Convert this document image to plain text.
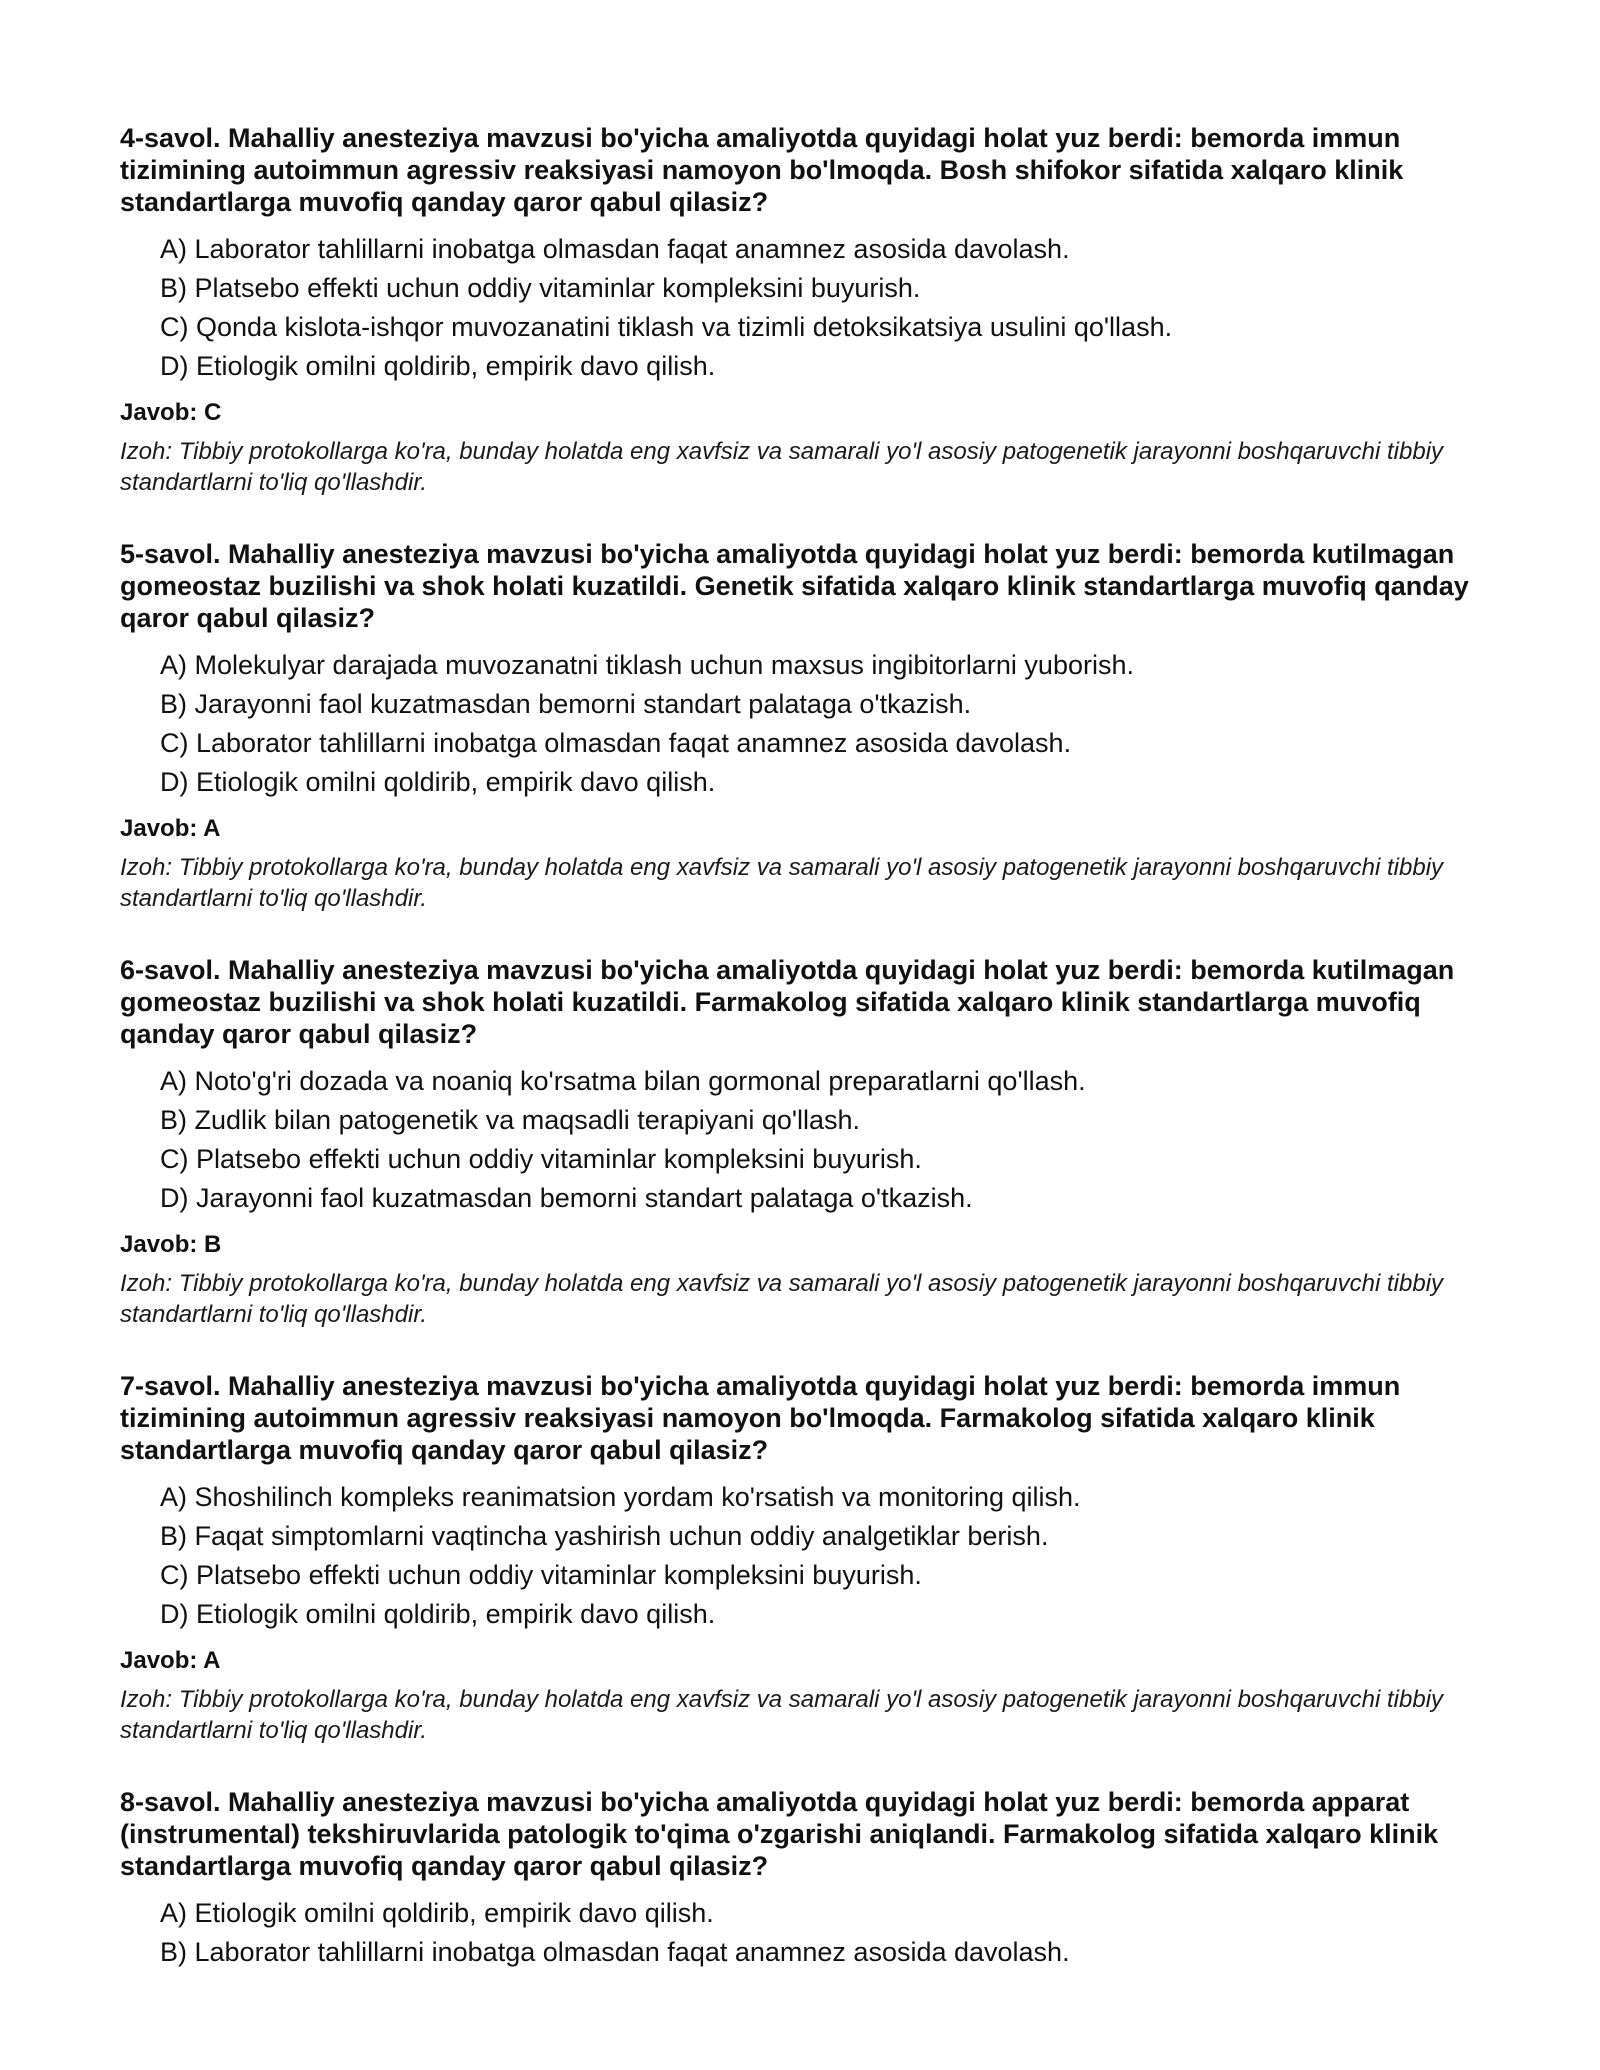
4-savol. Mahalliy anesteziya mavzusi bo'yicha amaliyotda quyidagi holat yuz berdi: bemorda immun tizimining autoimmun agressiv reaksiyasi namoyon bo'lmoqda. Bosh shifokor sifatida xalqaro klinik standartlarga muvofiq qanday qaror qabul qilasiz?

A) Laborator tahlillarni inobatga olmasdan faqat anamnez asosida davolash.
B) Platsebo effekti uchun oddiy vitaminlar kompleksini buyurish.
C) Qonda kislota-ishqor muvozanatini tiklash va tizimli detoksikatsiya usulini qo'llash.
D) Etiologik omilni qoldirib, empirik davo qilish.

Javob: C

Izoh: Tibbiy protokollarga ko'ra, bunday holatda eng xavfsiz va samarali yo'l asosiy patogenetik jarayonni boshqaruvchi tibbiy standartlarni to'liq qo'llashdir.

5-savol. Mahalliy anesteziya mavzusi bo'yicha amaliyotda quyidagi holat yuz berdi: bemorda kutilmagan gomeostaz buzilishi va shok holati kuzatildi. Genetik sifatida xalqaro klinik standartlarga muvofiq qanday qaror qabul qilasiz?

A) Molekulyar darajada muvozanatni tiklash uchun maxsus ingibitorlarni yuborish.
B) Jarayonni faol kuzatmasdan bemorni standart palataga o'tkazish.
C) Laborator tahlillarni inobatga olmasdan faqat anamnez asosida davolash.
D) Etiologik omilni qoldirib, empirik davo qilish.

Javob: A

Izoh: Tibbiy protokollarga ko'ra, bunday holatda eng xavfsiz va samarali yo'l asosiy patogenetik jarayonni boshqaruvchi tibbiy standartlarni to'liq qo'llashdir.

6-savol. Mahalliy anesteziya mavzusi bo'yicha amaliyotda quyidagi holat yuz berdi: bemorda kutilmagan gomeostaz buzilishi va shok holati kuzatildi. Farmakolog sifatida xalqaro klinik standartlarga muvofiq qanday qaror qabul qilasiz?

A) Noto'g'ri dozada va noaniq ko'rsatma bilan gormonal preparatlarni qo'llash.
B) Zudlik bilan patogenetik va maqsadli terapiyani qo'llash.
C) Platsebo effekti uchun oddiy vitaminlar kompleksini buyurish.
D) Jarayonni faol kuzatmasdan bemorni standart palataga o'tkazish.

Javob: B

Izoh: Tibbiy protokollarga ko'ra, bunday holatda eng xavfsiz va samarali yo'l asosiy patogenetik jarayonni boshqaruvchi tibbiy standartlarni to'liq qo'llashdir.

7-savol. Mahalliy anesteziya mavzusi bo'yicha amaliyotda quyidagi holat yuz berdi: bemorda immun tizimining autoimmun agressiv reaksiyasi namoyon bo'lmoqda. Farmakolog sifatida xalqaro klinik standartlarga muvofiq qanday qaror qabul qilasiz?

A) Shoshilinch kompleks reanimatsion yordam ko'rsatish va monitoring qilish.
B) Faqat simptomlarni vaqtincha yashirish uchun oddiy analgetiklar berish.
C) Platsebo effekti uchun oddiy vitaminlar kompleksini buyurish.
D) Etiologik omilni qoldirib, empirik davo qilish.

Javob: A

Izoh: Tibbiy protokollarga ko'ra, bunday holatda eng xavfsiz va samarali yo'l asosiy patogenetik jarayonni boshqaruvchi tibbiy standartlarni to'liq qo'llashdir.

8-savol. Mahalliy anesteziya mavzusi bo'yicha amaliyotda quyidagi holat yuz berdi: bemorda apparat (instrumental) tekshiruvlarida patologik to'qima o'zgarishi aniqlandi. Farmakolog sifatida xalqaro klinik standartlarga muvofiq qanday qaror qabul qilasiz?

A) Etiologik omilni qoldirib, empirik davo qilish.
B) Laborator tahlillarni inobatga olmasdan faqat anamnez asosida davolash.
